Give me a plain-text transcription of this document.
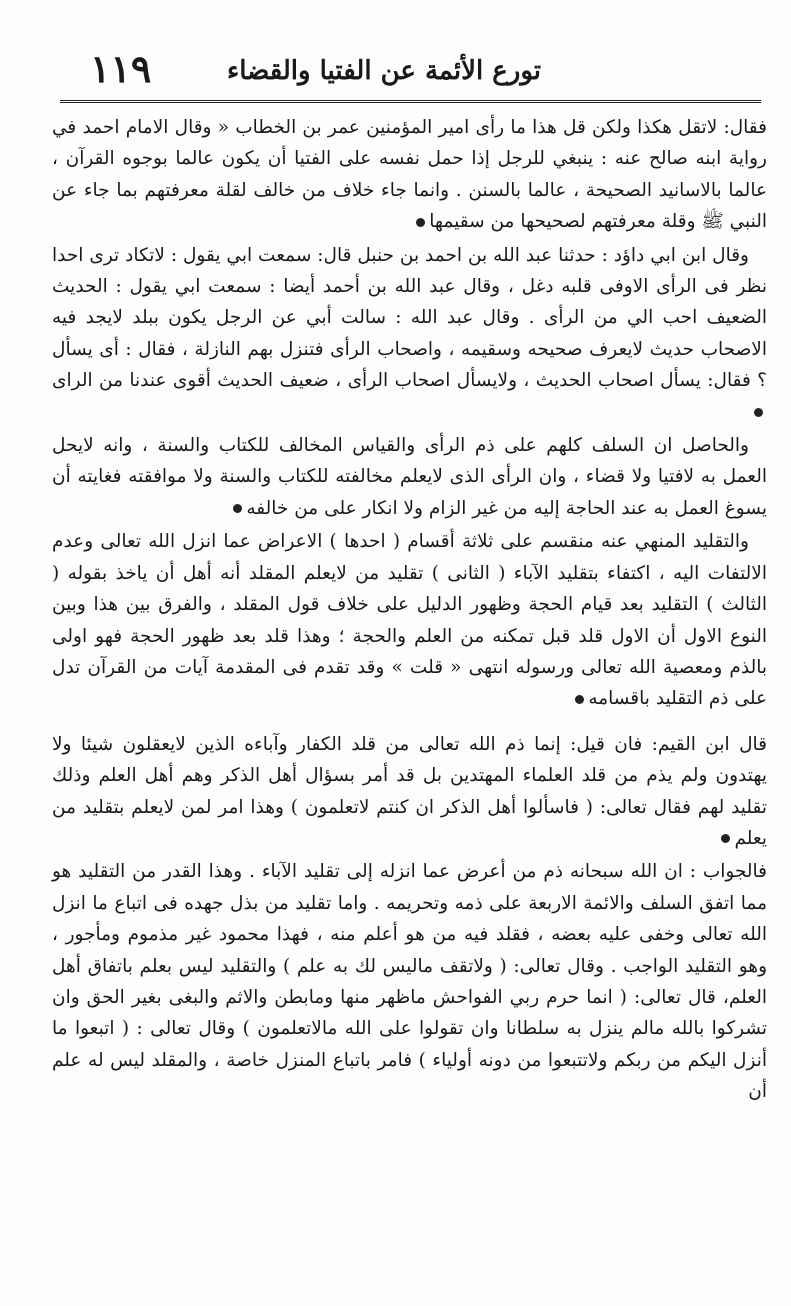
تورع الأئمة عن الفتيا والقضاء
١١٩

فقال: لاتقل هكذا ولكن قل هذا ما رأى امير المؤمنين عمر بن الخطاب « وقال الامام احمد في رواية ابنه صالح عنه : ينبغي للرجل إذا حمل نفسه على الفتيا أن يكون عالما بوجوه القرآن ، عالما بالاسانيد الصحيحة ، عالما بالسنن . وانما جاء خلاف من خالف لقلة معرفتهم بما جاء عن النبي ﷺ وقلة معرفتهم لصحيحها من سقيمها

وقال ابن ابي داؤد : حدثنا عبد الله بن احمد بن حنبل قال: سمعت ابي يقول : لاتكاد ترى احدا نظر فى الرأى الاوفى قلبه دغل ، وقال عبد الله بن أحمد أيضا : سمعت ابي يقول : الحديث الضعيف احب الي من الرأى . وقال عبد الله : سالت أبي عن الرجل يكون ببلد لايجد فيه الاصحاب حديث لايعرف صحيحه وسقيمه ، واصحاب الرأى فتنزل بهم النازلة ، فقال : أى يسأل ؟ فقال: يسأل اصحاب الحديث ، ولايسأل اصحاب الرأى ، ضعيف الحديث أقوى عندنا من الراى

والحاصل ان السلف كلهم على ذم الرأى والقياس المخالف للكتاب والسنة ، وانه لايحل العمل به لافتيا ولا قضاء ، وان الرأى الذى لايعلم مخالفته للكتاب والسنة ولا موافقته فغايته أن يسوغ العمل به عند الحاجة إليه من غير الزام ولا انكار على من خالفه

والتقليد المنهي عنه منقسم على ثلاثة أقسام ( احدها ) الاعراض عما انزل الله تعالى وعدم الالتفات اليه ، اكتفاء بتقليد الآباء ( الثانى ) تقليد من لايعلم المقلد أنه أهل أن ياخذ بقوله ( الثالث ) التقليد بعد قيام الحجة وظهور الدليل على خلاف قول المقلد ، والفرق بين هذا وبين النوع الاول أن الاول قلد قبل تمكنه من العلم والحجة ؛ وهذا قلد بعد ظهور الحجة فهو اولى بالذم ومعصية الله تعالى ورسوله انتهى « قلت » وقد تقدم فى المقدمة آيات من القرآن تدل على ذم التقليد باقسامه

قال ابن القيم: فان قيل: إنما ذم الله تعالى من قلد الكفار وآباءه الذين لايعقلون شيئا ولا يهتدون ولم يذم من قلد العلماء المهتدين بل قد أمر بسؤال أهل الذكر وهم أهل العلم وذلك تقليد لهم فقال تعالى: ( فاسألوا أهل الذكر ان كنتم لاتعلمون ) وهذا امر لمن لايعلم بتقليد من يعلم

فالجواب : ان الله سبحانه ذم من أعرض عما انزله إلى تقليد الآباء . وهذا القدر من التقليد هو مما اتفق السلف والائمة الاربعة على ذمه وتحريمه . واما تقليد من بذل جهده فى اتباع ما انزل الله تعالى وخفى عليه بعضه ، فقلد فيه من هو أعلم منه ، فهذا محمود غير مذموم ومأجور ، وهو التقليد الواجب . وقال تعالى: ( ولاتقف ماليس لك به علم ) والتقليد ليس بعلم باتفاق أهل العلم، قال تعالى: ( انما حرم ربي الفواحش ماظهر منها ومابطن والاثم والبغى بغير الحق وان تشركوا بالله مالم ينزل به سلطانا وان تقولوا على الله مالاتعلمون ) وقال تعالى : ( اتبعوا ما أنزل اليكم من ربكم ولاتتبعوا من دونه أولياء ) فامر باتباع المنزل خاصة ، والمقلد ليس له علم أن
